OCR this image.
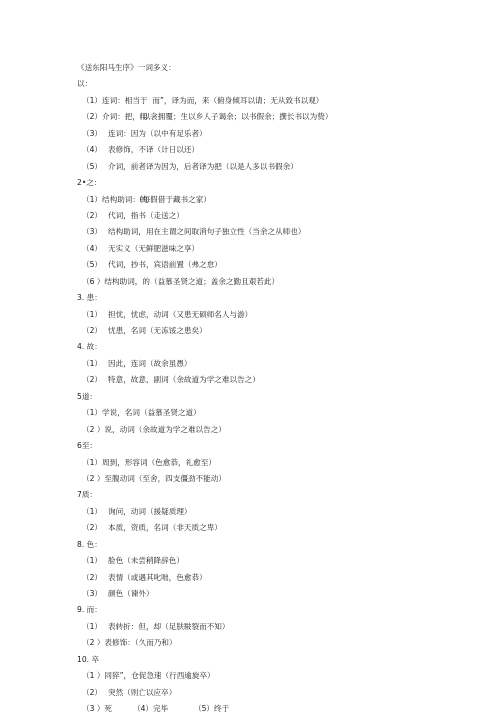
《送东阳马生序》一词多义：
以：
（1）连词：相当于  而”，译为而，来（俯身倾耳以请；无从致书以观）
（2）介词：把，用
（以衾拥覆；生以乡人子谒余；以书假余；撰长书以为贽）
（3） 连词：因为（以中有足乐者）
（4） 表修饰，不译（计日以还）
（5） 介词，前者译为因为，后者译为把（以是人多以书假余）
2•之：
（1）结构助词：的
（每假借于藏书之家）
（2） 代词，指书（走送之）
（3） 结构助词，用在主谓之间取消句子独立性（当余之从师也）
（4） 无实义（无鲜肥滋味之享）
（5） 代词，抄书，宾语前置（弗之怠）
（6 ）结构助词，的（益慕圣贤之道；盖余之勤且艰若此）
3. 患：
（1） 担忧，忧虑，动词（又患无硕师名人与游）
（2） 忧患，名词（无冻馁之患矣）
4. 故：
（1） 因此，连词（故余虽愚）
（2） 特意，故意，副词（余故道为学之难以告之）
5道：
（1）学说，名词（益慕圣贤之道）
（2 ）说，动词（余故道为学之难以告之）
6至：
（1）周到，形容词（色愈恭，礼愈至）
（2 ）至腹动词（至舍，四支僵劲不能动）
7质：
（1） 询问，动词（援疑质理）
（2） 本质，资质，名词（非天质之卑）
8. 色：
（1） 脸色（未尝稍降辞色）
（2） 表情（或遇其叱咄，色愈恭）
（3） 颜色（谏外）
9. 而：
（1） 表转折：但，却（足肤皲裂而不知）
（2 ）表修饰：（久而乃和）
10. 卒
（1 ）同猝”，仓促急速（行西逾旋卒）
（2） 突然（则亡以应卒）
（3 ）死	（4）完毕	（5）终于
